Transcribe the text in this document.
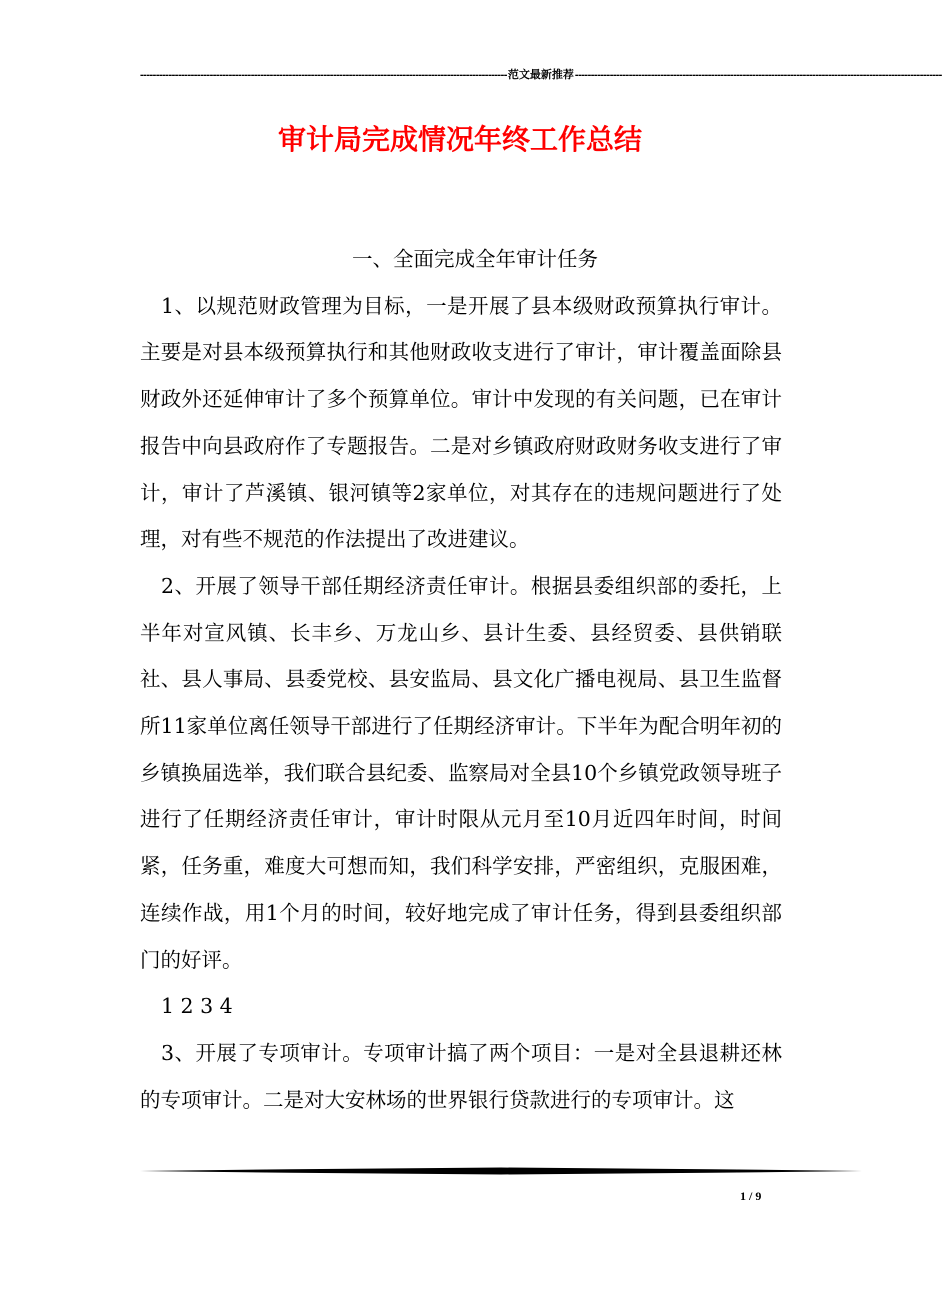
-------------------------------------------------------------------------------------------------------------------- 范文最新推荐 --------------------------------------------------------------------------------------------------------------------
审计局完成情况年终工作总结

一、全面完成全年审计任务

1、以规范财政管理为目标，一是开展了县本级财政预算执行审计。主要是对县本级预算执行和其他财政收支进行了审计，审计覆盖面除县财政外还延伸审计了多个预算单位。审计中发现的有关问题，已在审计报告中向县政府作了专题报告。二是对乡镇政府财政财务收支进行了审计，审计了芦溪镇、银河镇等2家单位，对其存在的违规问题进行了处理，对有些不规范的作法提出了改进建议。

2、开展了领导干部任期经济责任审计。根据县委组织部的委托，上半年对宣风镇、长丰乡、万龙山乡、县计生委、县经贸委、县供销联社、县人事局、县委党校、县安监局、县文化广播电视局、县卫生监督所11家单位离任领导干部进行了任期经济审计。下半年为配合明年初的乡镇换届选举，我们联合县纪委、监察局对全县10个乡镇党政领导班子进行了任期经济责任审计，审计时限从元月至10月近四年时间，时间紧，任务重，难度大可想而知，我们科学安排，严密组织，克服困难，连续作战，用1个月的时间，较好地完成了审计任务，得到县委组织部门的好评。

1 2 3 4

3、开展了专项审计。专项审计搞了两个项目：一是对全县退耕还林的专项审计。二是对大安林场的世界银行贷款进行的专项审计。这

1 / 9
